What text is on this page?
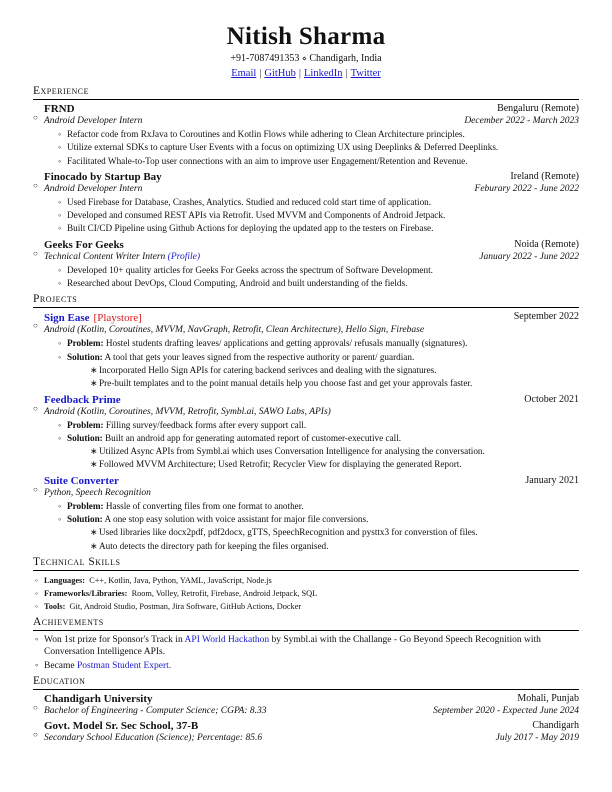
Nitish Sharma
+91-7087491353 ⋄ Chandigarh, India
Email | GitHub | LinkedIn | Twitter
Experience
○
FRND	Bengaluru (Remote)
Android Developer Intern	December 2022 - March 2023
◦ Refactor code from RxJava to Coroutines and Kotlin Flows while adhering to Clean Architecture principles.
◦ Utilize external SDKs to capture User Events with a focus on optimizing UX using Deeplinks & Deferred Deeplinks.
◦ Facilitated Whale-to-Top user connections with an aim to improve user Engagement/Retention and Revenue.
○
Finocado by Startup Bay	Ireland (Remote)
Android Developer Intern	Feburary 2022 - June 2022
◦ Used Firebase for Database, Crashes, Analytics. Studied and reduced cold start time of application.
◦ Developed and consumed REST APIs via Retrofit. Used MVVM and Components of Android Jetpack.
◦ Built CI/CD Pipeline using Github Actions for deploying the updated app to the testers on Firebase.
○
Geeks For Geeks	Noida (Remote)
Technical Content Writer Intern (Profile)	January 2022 - June 2022
◦ Developed 10+ quality articles for Geeks For Geeks across the spectrum of Software Development.
◦ Researched about DevOps, Cloud Computing, Android and built understanding of the fields.
Projects
○
Sign Ease [Playstore]	September 2022
Android (Kotlin, Coroutines, MVVM, NavGraph, Retrofit, Clean Architecture), Hello Sign, Firebase
◦ Problem: Hostel students drafting leaves/ applications and getting approvals/ refusals manually (signatures).
◦ Solution: A tool that gets your leaves signed from the respective authority or parent/ guardian.
∗ Incorporated Hello Sign APIs for catering backend serivces and dealing with the signatures.
∗ Pre-built templates and to the point manual details help you choose fast and get your approvals faster.
○
Feedback Prime	October 2021
Android (Kotlin, Coroutines, MVVM, Retrofit, Symbl.ai, SAWO Labs, APIs)
◦ Problem: Filling survey/feedback forms after every support call.
◦ Solution: Built an android app for generating automated report of customer-executive call.
∗ Utilized Async APIs from Symbl.ai which uses Conversation Intelligence for analysing the conversation.
∗ Followed MVVM Architecture; Used Retrofit; Recycler View for displaying the generated Report.
○
Suite Converter	January 2021
Python, Speech Recognition
◦ Problem: Hassle of converting files from one format to another.
◦ Solution: A one stop easy solution with voice assistant for major file conversions.
∗ Used libraries like docx2pdf, pdf2docx, gTTS, SpeechRecognition and pysttx3 for converstion of files.
∗ Auto detects the directory path for keeping the files organised.
Technical Skills
◦ Languages: C++, Kotlin, Java, Python, YAML, JavaScript, Node.js
◦ Frameworks/Libraries: Room, Volley, Retrofit, Firebase, Android Jetpack, SQL
◦ Tools: Git, Android Studio, Postman, Jira Software, GitHub Actions, Docker
Achievements
◦ Won 1st prize for Sponsor's Track in API World Hackathon by Symbl.ai with the Challange - Go Beyond Speech Recognition with Conversation Intelligence APIs.
◦ Became Postman Student Expert.
Education
○
Chandigarh University	Mohali, Punjab
Bachelor of Engineering - Computer Science; CGPA: 8.33	September 2020 - Expected June 2024
○
Govt. Model Sr. Sec School, 37-B	Chandigarh
Secondary School Education (Science); Percentage: 85.6	July 2017 - May 2019
